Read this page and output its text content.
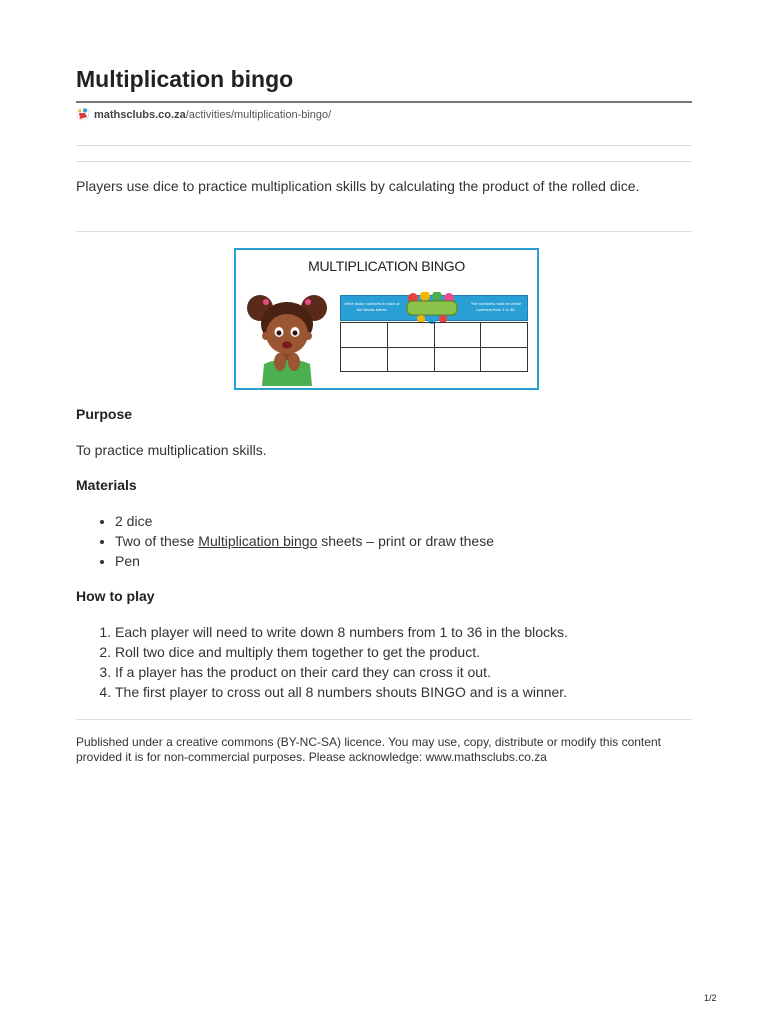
Multiplication bingo
mathsclubs.co.za/activities/multiplication-bingo/

Players use dice to practice multiplication skills by calculating the product of the rolled dice.

MULTIPLICATION BINGO
Write down numbers in each of the blocks below.
The numbers must be whole numbers from 1 to 36.

Purpose

To practice multiplication skills.

Materials
• 2 dice
• Two of these Multiplication bingo sheets – print or draw these
• Pen
How to play
1. Each player will need to write down 8 numbers from 1 to 36 in the blocks.
2. Roll two dice and multiply them together to get the product.
3. If a player has the product on their card they can cross it out.
4. The first player to cross out all 8 numbers shouts BINGO and is a winner.

Published under a creative commons (BY-NC-SA) licence. You may use, copy, distribute or modify this content provided it is for non-commercial purposes. Please acknowledge: www.mathsclubs.co.za

1/2
